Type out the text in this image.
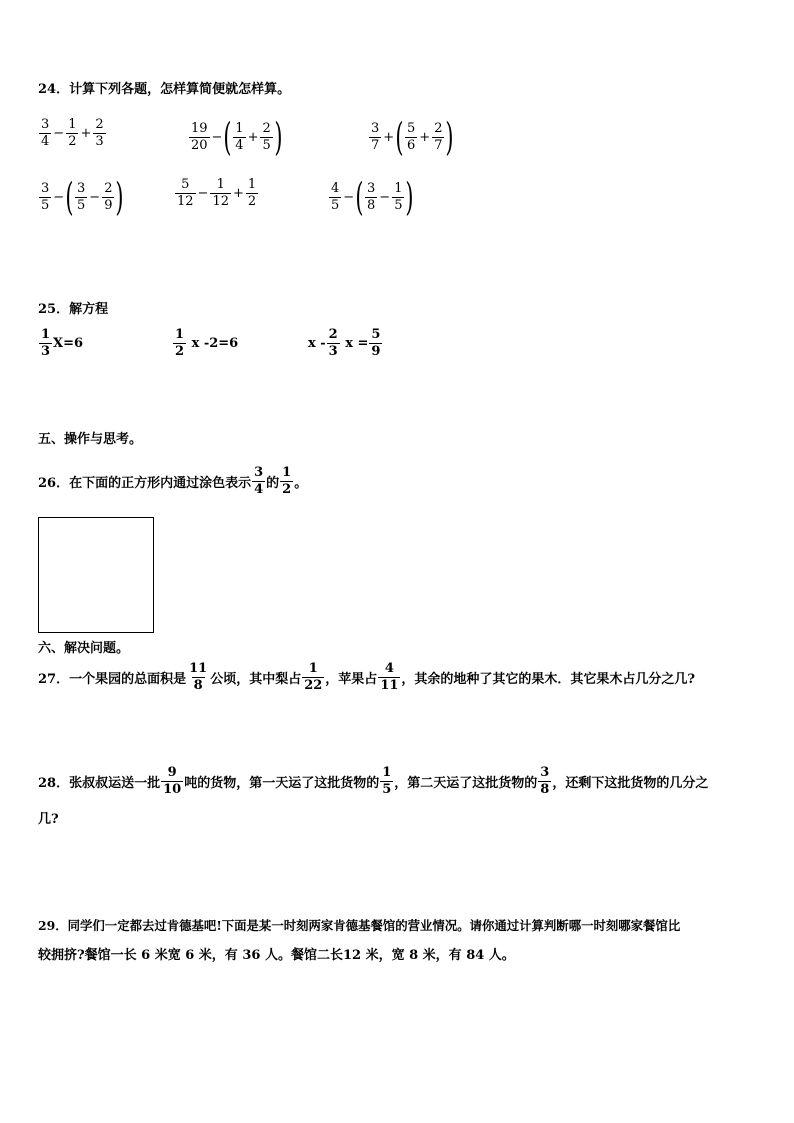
24．计算下列各题，怎样算简便就怎样算。
$\frac{3}{4} - \frac{1}{2} + \frac{2}{3}$	$\frac{19}{20}$ − ( $\frac{1}{4} + \frac{2}{5}$ )	$\frac{3}{7}$ + ( $\frac{5}{6} + \frac{2}{7}$ )
$\frac{3}{5}$ − ( $\frac{3}{5} - \frac{2}{9}$ )	$\frac{5}{12} - \frac{1}{12} + \frac{1}{2}$	$\frac{4}{5}$ − ( $\frac{3}{8} - \frac{1}{5}$ )
25．解方程
$\frac{1}{3} X=6$	$\frac{1}{2}$ x -2=6	x - $\frac{2}{3}$ $x = \frac{5}{9}$
五、操作与思考。
26．在下面的正方形内通过涂色表示 $\frac{3}{4}$ 的 $\frac{1}{2}$ 。
六、解决问题。
27．一个果园的总面积是 $\frac{11}{8}$ 公顷，其中梨占 $\frac{1}{22}$ ，苹果占 $\frac{4}{11}$ ，其余的地种了其它的果木．其它果木占几分之几?
28．张叔叔运送一批 $\frac{9}{10}$ 吨的货物，第一天运了这批货物的 $\frac{1}{5}$ ，第二天运了这批货物的 $\frac{3}{8}$ ，还剩下这批货物的几分之
几?
29．同学们一定都去过肯德基吧!下面是某一时刻两家肯德基餐馆的营业情况。请你通过计算判断哪一时刻哪家餐馆比
较拥挤?餐馆一长 6 米宽 6 米，有 36 人。餐馆二长12 米，宽 8 米，有 84 人。
